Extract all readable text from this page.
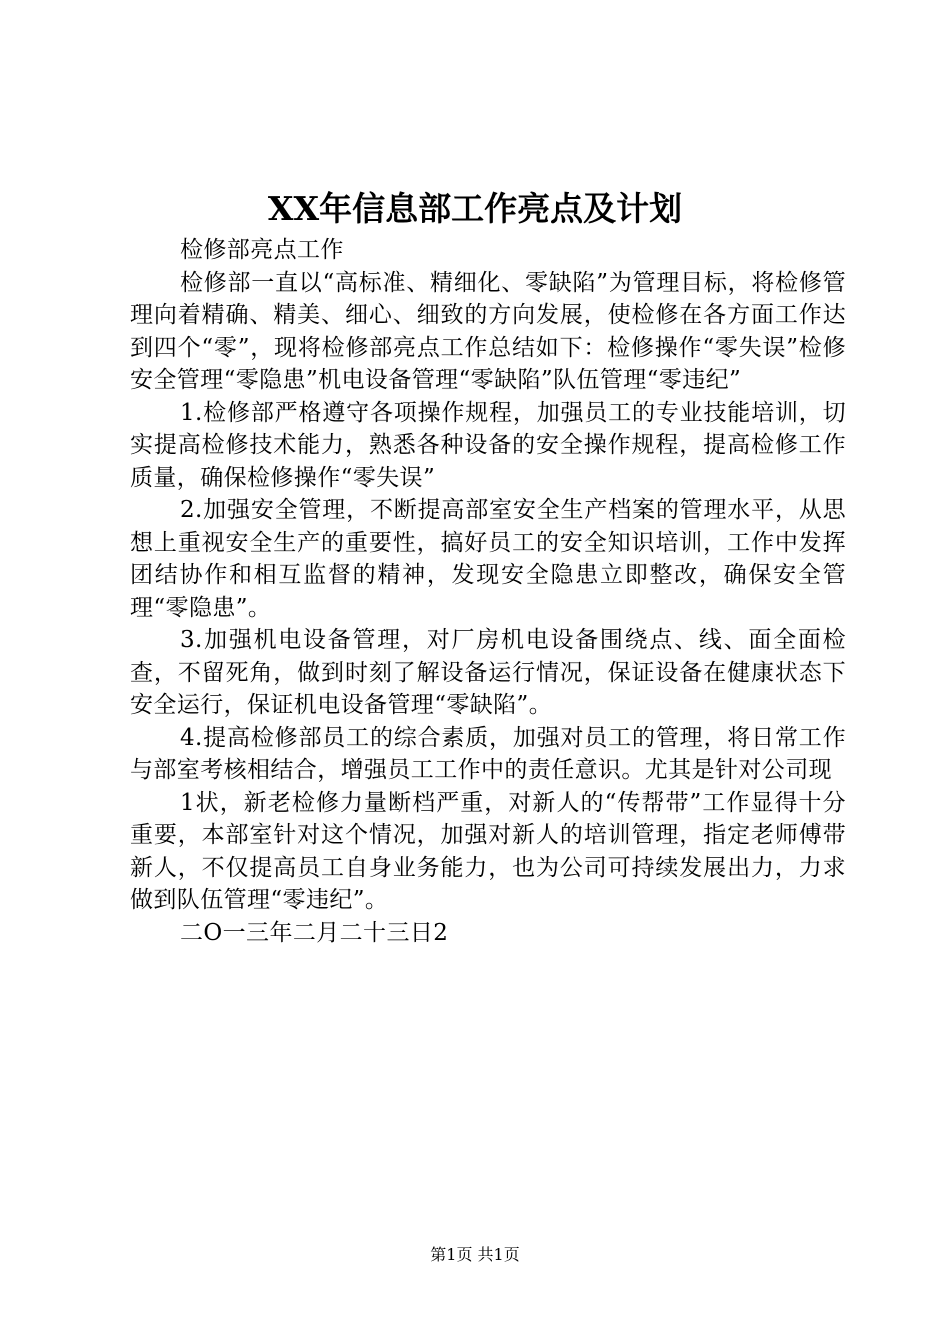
XX年信息部工作亮点及计划

检修部亮点工作

检修部一直以“高标准、精细化、零缺陷”为管理目标，将检修管理向着精确、精美、细心、细致的方向发展，使检修在各方面工作达到四个“零”，现将检修部亮点工作总结如下：检修操作“零失误”检修安全管理“零隐患”机电设备管理“零缺陷”队伍管理“零违纪”

1.检修部严格遵守各项操作规程，加强员工的专业技能培训，切实提高检修技术能力，熟悉各种设备的安全操作规程，提高检修工作质量，确保检修操作“零失误”

2.加强安全管理，不断提高部室安全生产档案的管理水平，从思想上重视安全生产的重要性，搞好员工的安全知识培训，工作中发挥团结协作和相互监督的精神，发现安全隐患立即整改，确保安全管理“零隐患”。

3.加强机电设备管理，对厂房机电设备围绕点、线、面全面检查，不留死角，做到时刻了解设备运行情况，保证设备在健康状态下安全运行，保证机电设备管理“零缺陷”。

4.提高检修部员工的综合素质，加强对员工的管理，将日常工作与部室考核相结合，增强员工工作中的责任意识。尤其是针对公司现

1状，新老检修力量断档严重，对新人的“传帮带”工作显得十分重要，本部室针对这个情况，加强对新人的培训管理，指定老师傅带新人，不仅提高员工自身业务能力，也为公司可持续发展出力，力求做到队伍管理“零违纪”。

二O一三年二月二十三日2

第1页 共1页
